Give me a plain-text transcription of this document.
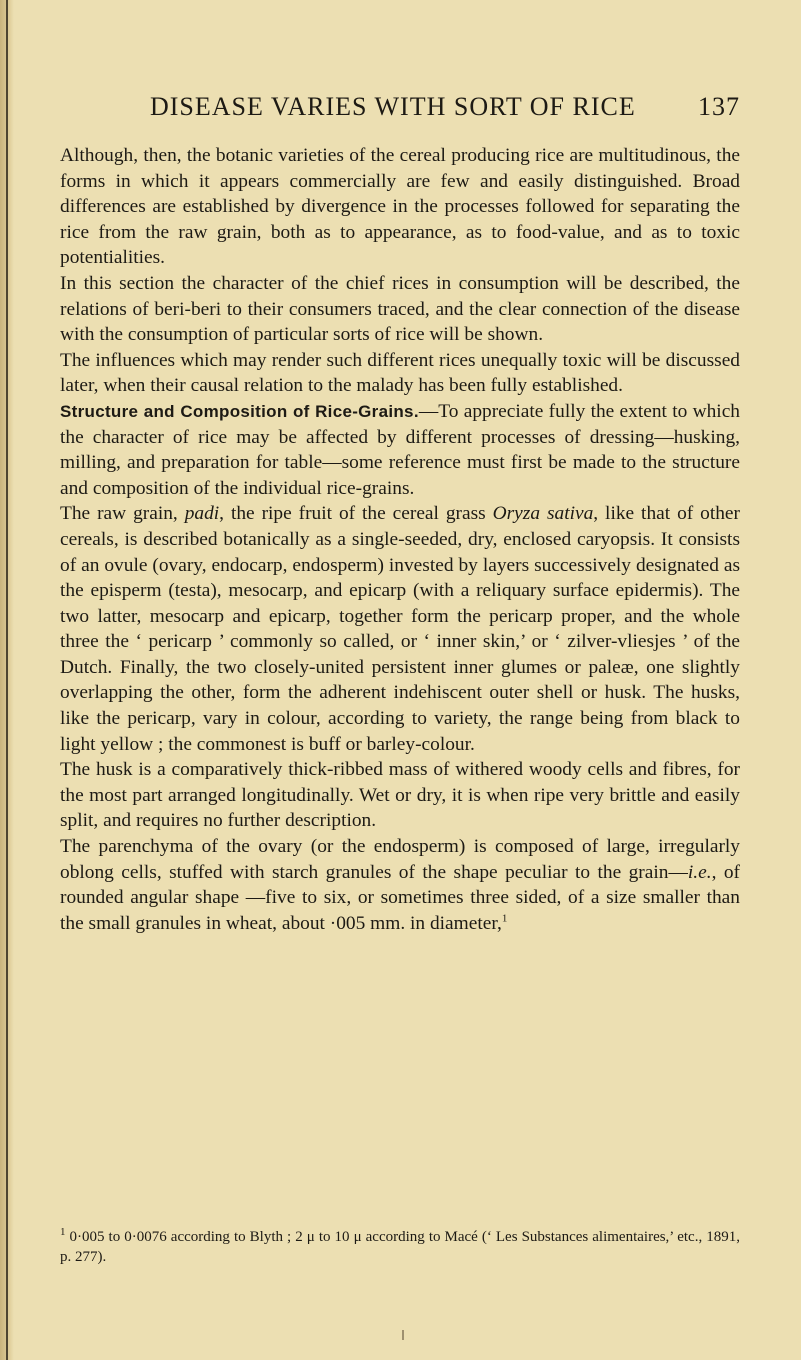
DISEASE VARIES WITH SORT OF RICE 137

Although, then, the botanic varieties of the cereal producing rice are multitudinous, the forms in which it appears commercially are few and easily distinguished. Broad differences are established by divergence in the processes followed for separating the rice from the raw grain, both as to appearance, as to food-value, and as to toxic potentialities.

In this section the character of the chief rices in consumption will be described, the relations of beri-beri to their consumers traced, and the clear connection of the disease with the consumption of particular sorts of rice will be shown.

The influences which may render such different rices unequally toxic will be discussed later, when their causal relation to the malady has been fully established.

Structure and Composition of Rice-Grains.—To appreciate fully the extent to which the character of rice may be affected by different processes of dressing—husking, milling, and preparation for table—some reference must first be made to the structure and composition of the individual rice-grains.

The raw grain, padi, the ripe fruit of the cereal grass Oryza sativa, like that of other cereals, is described botanically as a single-seeded, dry, enclosed caryopsis. It consists of an ovule (ovary, endocarp, endosperm) invested by layers successively designated as the episperm (testa), mesocarp, and epicarp (with a reliquary surface epidermis). The two latter, mesocarp and epicarp, together form the pericarp proper, and the whole three the ‘ pericarp ’ commonly so called, or ‘ inner skin,’ or ‘ zilver-vliesjes ’ of the Dutch. Finally, the two closely-united persistent inner glumes or paleæ, one slightly overlapping the other, form the adherent indehiscent outer shell or husk. The husks, like the pericarp, vary in colour, according to variety, the range being from black to light yellow ; the commonest is buff or barley-colour.

The husk is a comparatively thick-ribbed mass of withered woody cells and fibres, for the most part arranged longitudinally. Wet or dry, it is when ripe very brittle and easily split, and requires no further description.

The parenchyma of the ovary (or the endosperm) is composed of large, irregularly oblong cells, stuffed with starch granules of the shape peculiar to the grain—i.e., of rounded angular shape —five to six, or sometimes three sided, of a size smaller than the small granules in wheat, about ·005 mm. in diameter,$^1$

$^1$ 0·005 to 0·0076 according to Blyth ; 2 μ to 10 μ according to Macé (‘ Les Substances alimentaires,’ etc., 1891, p. 277).
